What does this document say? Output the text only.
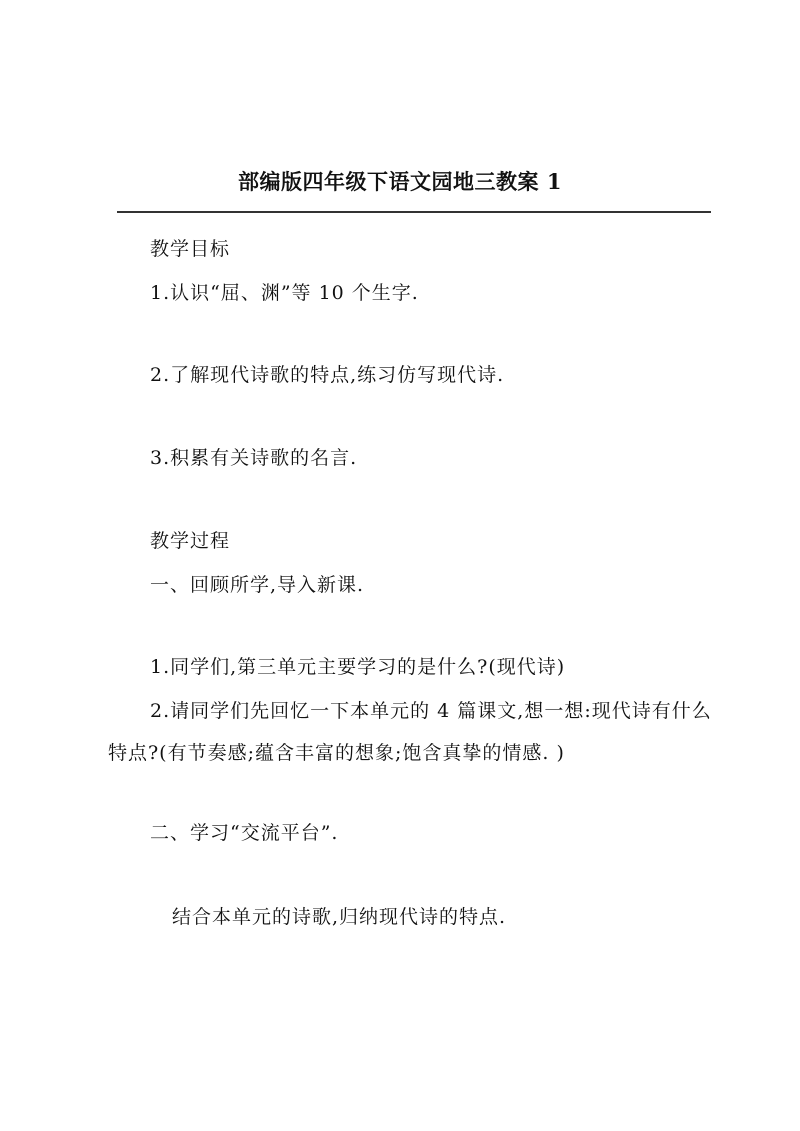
部编版四年级下语文园地三教案 1

教学目标

1.认识“屈、渊”等 10 个生字.

2.了解现代诗歌的特点,练习仿写现代诗.

3.积累有关诗歌的名言.

教学过程

一、回顾所学,导入新课.

1.同学们,第三单元主要学习的是什么?(现代诗)

2.请同学们先回忆一下本单元的 4 篇课文,想一想:现代诗有什么特点?(有节奏感;蕴含丰富的想象;饱含真挚的情感. )

二、学习“交流平台”.

结合本单元的诗歌,归纳现代诗的特点.
